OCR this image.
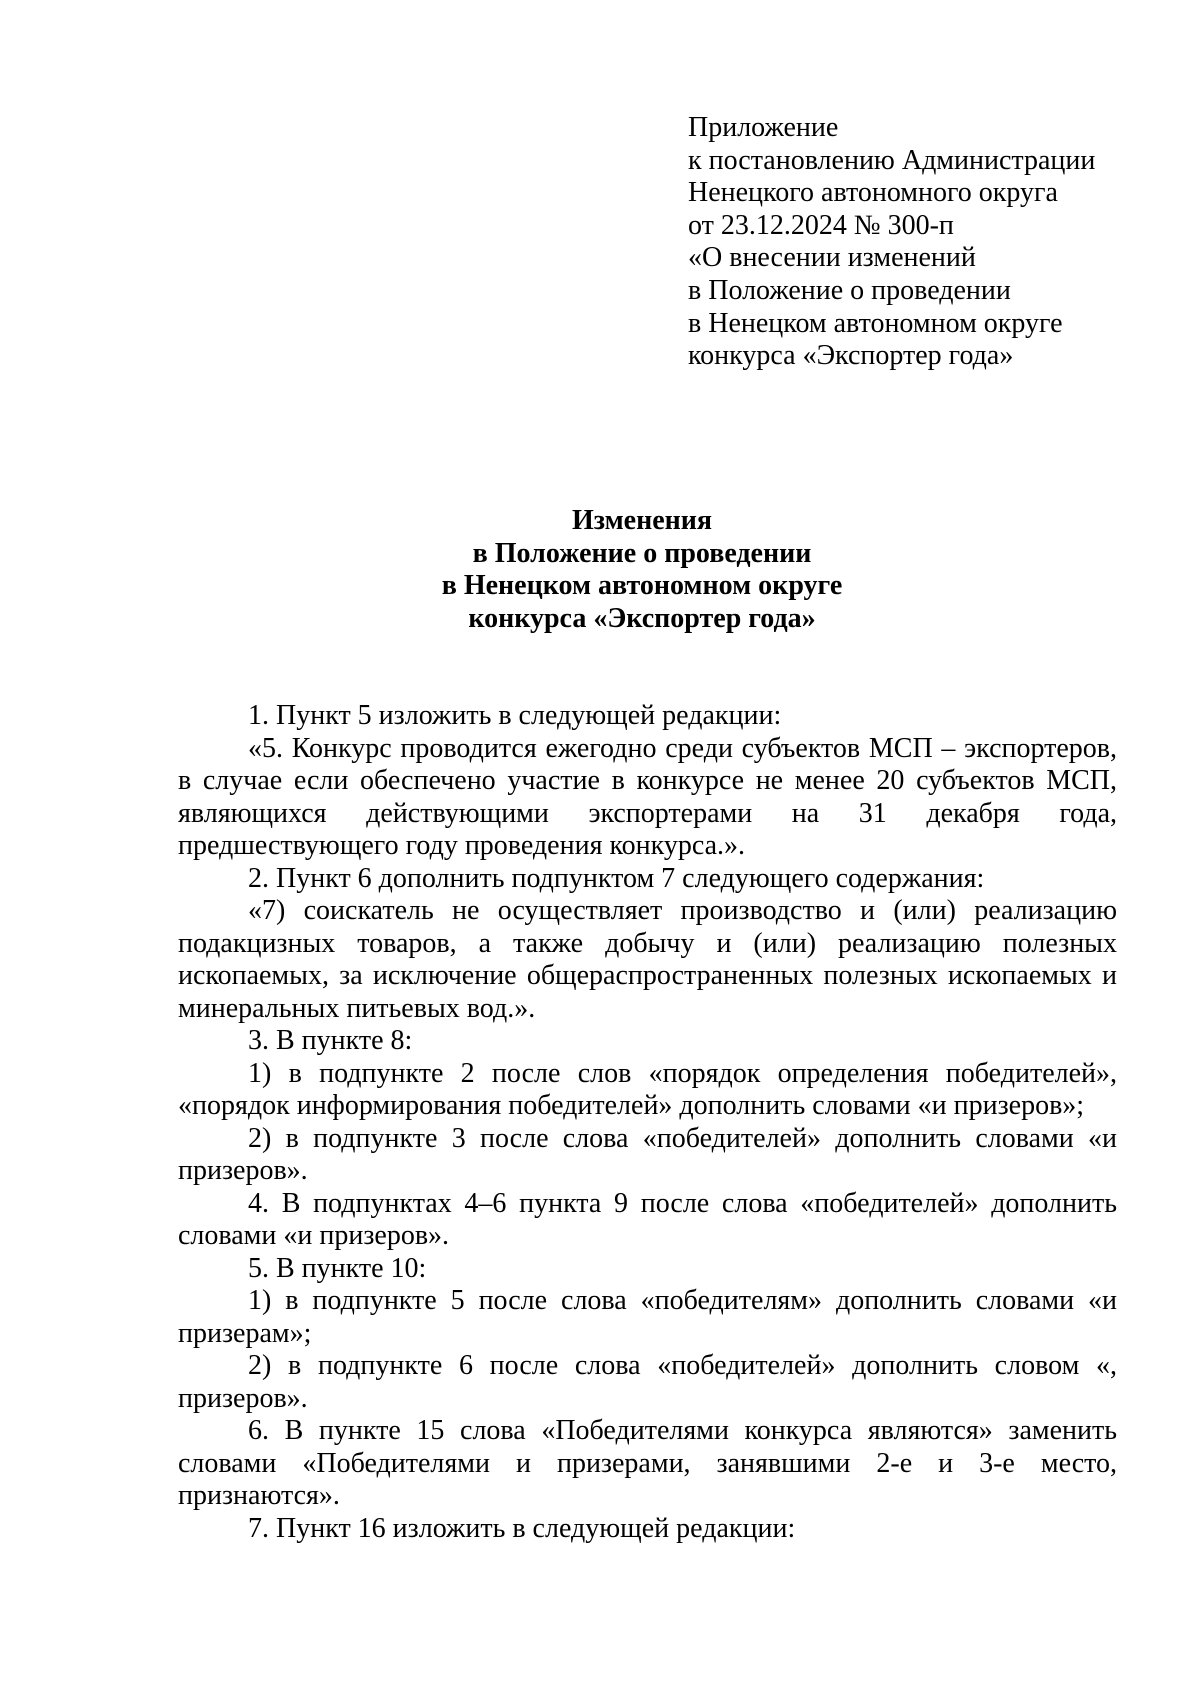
Приложение
к постановлению Администрации
Ненецкого автономного округа
от 23.12.2024 № 300-п
«О внесении изменений
в Положение о проведении
в Ненецком автономном округе
конкурса «Экспортер года»
Изменения
в Положение о проведении
в Ненецком автономном округе
конкурса «Экспортер года»

1. Пункт 5 изложить в следующей редакции:

«5. Конкурс проводится ежегодно среди субъектов МСП – экспортеров, в случае если обеспечено участие в конкурсе не менее 20 субъектов МСП, являющихся действующими экспортерами на 31 декабря года, предшествующего году проведения конкурса.».

2. Пункт 6 дополнить подпунктом 7 следующего содержания:

«7) соискатель не осуществляет производство и (или) реализацию подакцизных товаров, а также добычу и (или) реализацию полезных ископаемых, за исключение общераспространенных полезных ископаемых и минеральных питьевых вод.».

3. В пункте 8:

1) в подпункте 2 после слов «порядок определения победителей», «порядок информирования победителей» дополнить словами «и призеров»;

2) в подпункте 3 после слова «победителей» дополнить словами «и призеров».

4. В подпунктах 4–6 пункта 9 после слова «победителей» дополнить словами «и призеров».

5. В пункте 10:

1) в подпункте 5 после слова «победителям» дополнить словами «и призерам»;

2) в подпункте 6 после слова «победителей» дополнить словом «, призеров».

6. В пункте 15 слова «Победителями конкурса являются» заменить словами «Победителями и призерами, занявшими 2-е и 3-е место, признаются».

7. Пункт 16 изложить в следующей редакции:
